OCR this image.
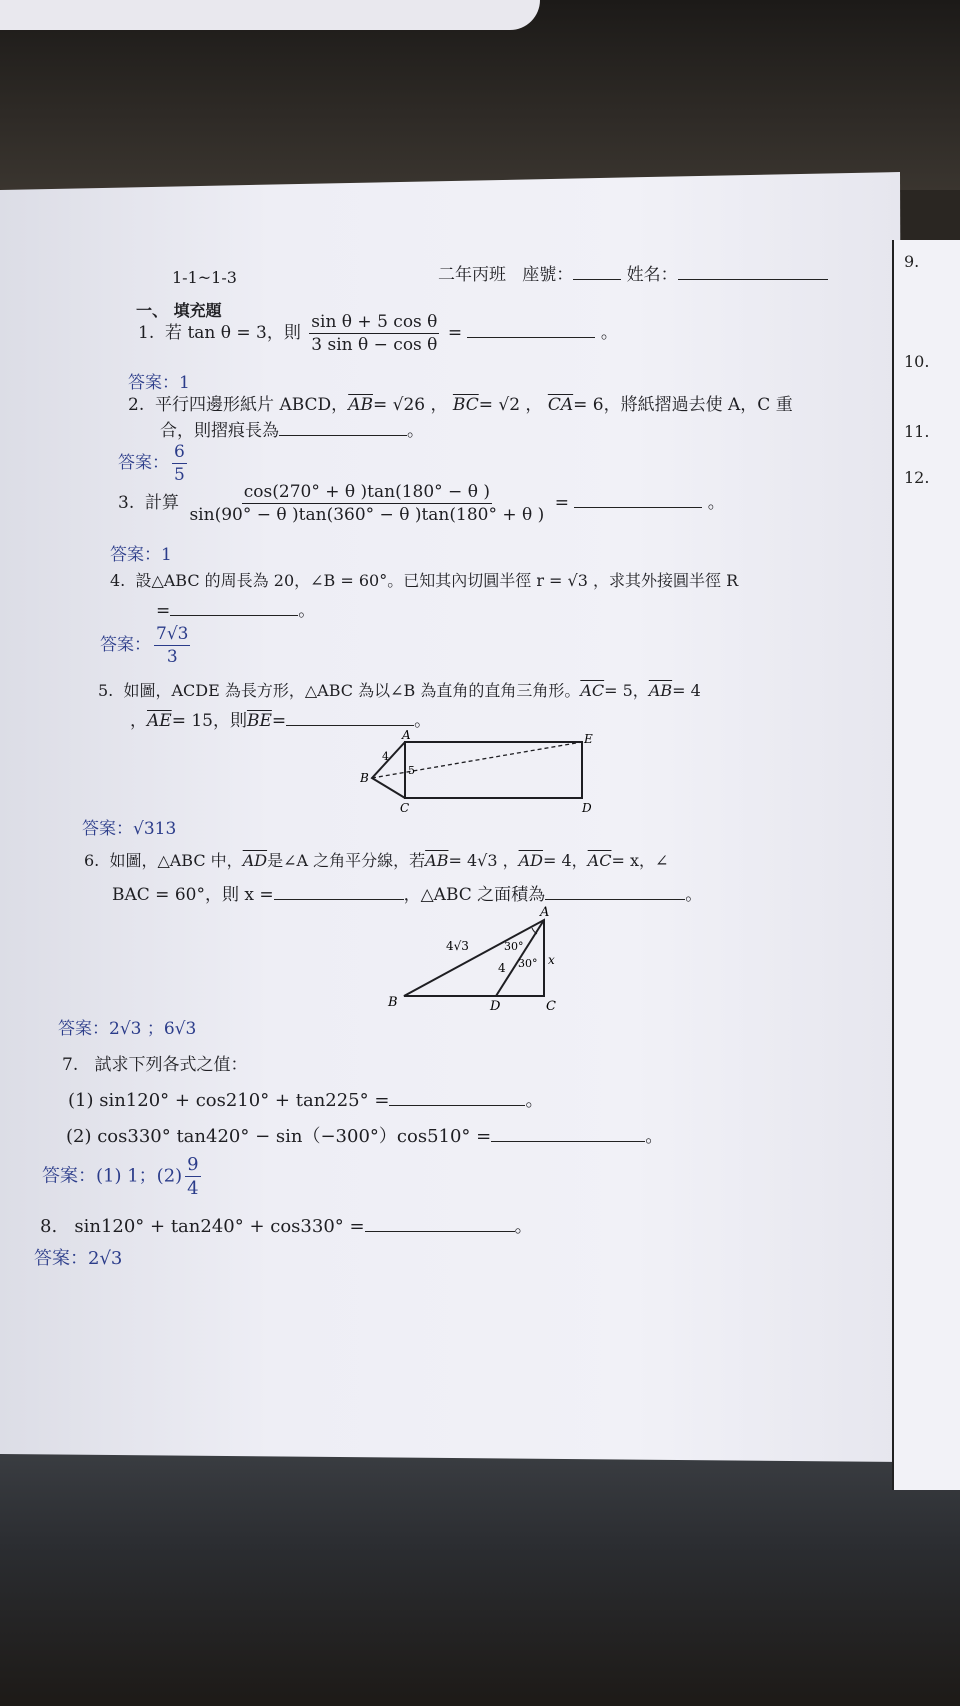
9.
10.
11.
12.
1-1~1-3	二年丙班 座號：	姓名：
一、 填充題
1. 若 tan θ = 3，則 $\frac{\text{sin θ + 5 cos θ}}{\text{3 sin θ − cos θ}}$ =	。
答案：1
2. 平行四邊形紙片 ABCD，$\overline{AB}= √26$ ， $\overline{BC}= √2$ ， $\overline{CA}= 6$，將紙摺過去使 A，C 重
合，則摺痕長為	。
答案： $\frac{6}{5}$
3. 計算 $\frac{\cos(270^\circ + \theta )\tan(180^\circ - \theta )}{\sin(90^\circ - \theta )\tan(360^\circ - \theta )\tan(180^\circ + \theta )}$ =	。
答案：1
4. 設△ABC 的周長為 20，∠B = 60°。已知其內切圓半徑 r = √3 ，求其外接圓半徑 R
=	。
答案： $\frac{7√3}{3}$
5. 如圖，ACDE 為長方形，△ABC 為以∠B 為直角的直角三角形。$\overline{AC}= 5$，$\overline{AB}= 4$
，$\overline{AE}= 15$，則$\overline{BE}=$	。
A
B
C	D
E
4
5
答案：√313
6. 如圖，△ABC 中，$\overline{AD}$是∠A 之角平分線，若$\overline{AB}= 4√3$ ，$\overline{AD}= 4$，$\overline{AC}= x$，∠
BAC = 60°，則 x =	，△ABC 之面積為	。
A
B	C
D
4√3
4
x
30°
30°
答案：2√3 ；6√3
7. 試求下列各式之值：
(1) sin120° + cos210° + tan225° =	。
(2) cos330° tan420° − sin（−300°）cos510° =	。
答案：(1) 1；$(2) \frac{9}{4}$
8. sin120° + tan240° + cos330° =	。
答案：2√3
